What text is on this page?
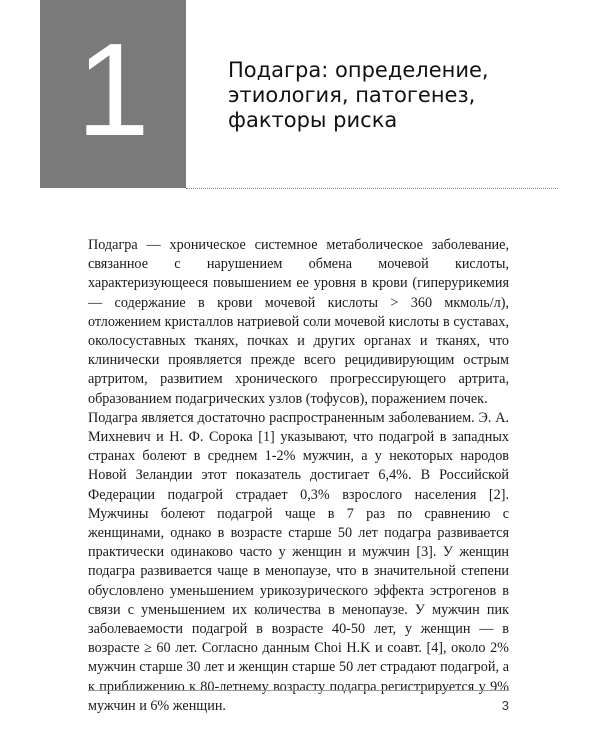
1	Подагра: определение,
этиология, патогенез,
факторы риска

Подагра — хроническое системное метаболическое заболевание, связанное с нарушением обмена мочевой кислоты, характеризующееся повышением ее уровня в крови (гиперурикемия — содержание в крови мочевой кислоты > 360 мкмоль/л), отложением кристаллов натриевой соли мочевой кислоты в суставах, околосуставных тканях, почках и других органах и тканях, что клинически проявляется прежде всего рецидивирующим острым артритом, развитием хронического прогрессирующего артрита, образованием подагрических узлов (тофусов), поражением почек.

Подагра является достаточно распространенным заболеванием. Э. А. Михневич и Н. Ф. Сорока [1] указывают, что подагрой в западных странах болеют в среднем 1-2% мужчин, а у некоторых народов Новой Зеландии этот показатель достигает 6,4%. В Российской Федерации подагрой страдает 0,3% взрослого населения [2]. Мужчины болеют подагрой чаще в 7 раз по сравнению с женщинами, однако в возрасте старше 50 лет подагра развивается практически одинаково часто у женщин и мужчин [3]. У женщин подагра развивается чаще в менопаузе, что в значительной степени обусловлено уменьшением урикозурического эффекта эстрогенов в связи с уменьшением их количества в менопаузе. У мужчин пик заболеваемости подагрой в возрасте 40-50 лет, у женщин — в возрасте ≥ 60 лет. Согласно данным Choi H.K и соавт. [4], около 2% мужчин старше 30 лет и женщин старше 50 лет страдают подагрой, а к приближению к 80-летнему возрасту подагра регистрируется у 9% мужчин и 6% женщин.	3
